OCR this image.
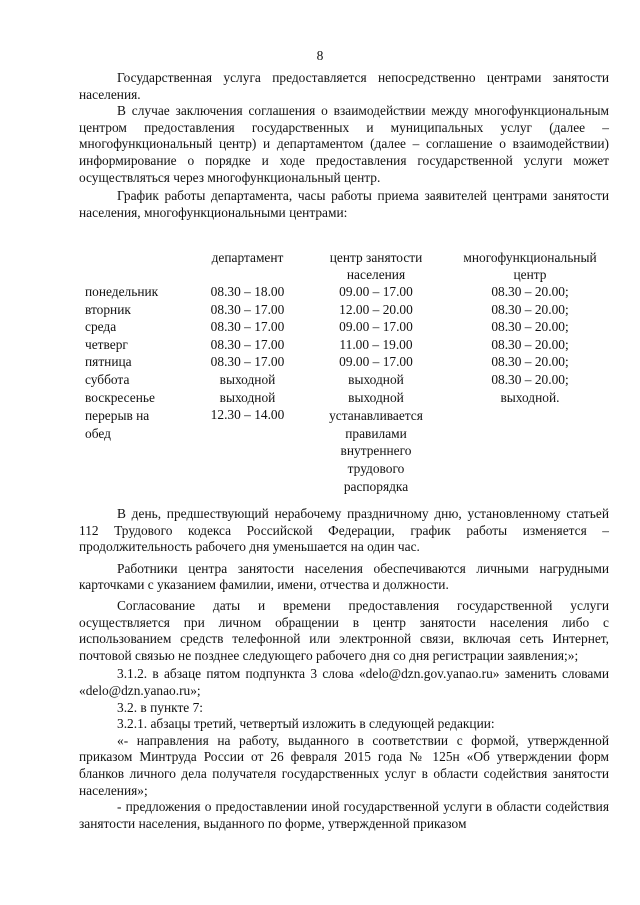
8

Государственная услуга предоставляется непосредственно центрами занятости населения.

В случае заключения соглашения о взаимодействии между многофункциональным центром предоставления государственных и муниципальных услуг (далее – многофункциональный центр) и департаментом (далее – соглашение о взаимодействии) информирование о порядке и ходе предоставления государственной услуги может осуществляться через многофункциональный центр.

График работы департамента, часы работы приема заявителей центрами занятости населения, многофункциональными центрами:

понедельник
вторник
среда
четверг
пятница
суббота
воскресенье
перерыв на обед
департамент
08.30 – 18.00
08.30 – 17.00
08.30 – 17.00
08.30 – 17.00
08.30 – 17.00
выходной
выходной
12.30 – 14.00
центр занятости населения
09.00 – 17.00
12.00 – 20.00
09.00 – 17.00
11.00 – 19.00
09.00 – 17.00
выходной
выходной
устанавливается правилами внутреннего трудового распорядка
многофункциональный центр
08.30 – 20.00;
08.30 – 20.00;
08.30 – 20.00;
08.30 – 20.00;
08.30 – 20.00;
08.30 – 20.00;
выходной.

В день, предшествующий нерабочему праздничному дню, установленному статьей 112 Трудового кодекса Российской Федерации, график работы изменяется – продолжительность рабочего дня уменьшается на один час.

Работники центра занятости населения обеспечиваются личными нагрудными карточками с указанием фамилии, имени, отчества и должности.

Согласование даты и времени предоставления государственной услуги осуществляется при личном обращении в центр занятости населения либо с использованием средств телефонной или электронной связи, включая сеть Интернет, почтовой связью не позднее следующего рабочего дня со дня регистрации заявления;»;

3.1.2. в абзаце пятом подпункта 3 слова «delo@dzn.gov.yanao.ru» заменить словами «delo@dzn.yanao.ru»;

3.2. в пункте 7:

3.2.1. абзацы третий, четвертый изложить в следующей редакции:

«- направления на работу, выданного в соответствии с формой, утвержденной приказом Минтруда России от 26 февраля 2015 года № 125н «Об утверждении форм бланков личного дела получателя государственных услуг в области содействия занятости населения»;

- предложения о предоставлении иной государственной услуги в области содействия занятости населения, выданного по форме, утвержденной приказом
